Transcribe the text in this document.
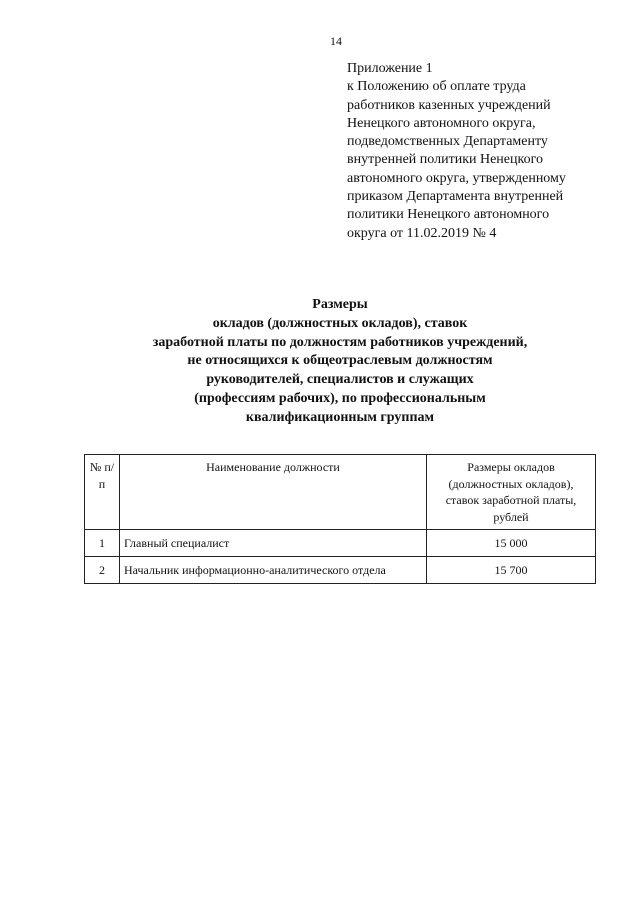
14
Приложение 1
к Положению об оплате труда
работников казенных учреждений
Ненецкого автономного округа,
подведомственных Департаменту
внутренней политики Ненецкого
автономного округа, утвержденному
приказом Департамента внутренней
политики Ненецкого автономного
округа от 11.02.2019 № 4
Размеры
окладов (должностных окладов), ставок
заработной платы по должностям работников учреждений,
не относящихся к общеотраслевым должностям
руководителей, специалистов и служащих
(профессиям рабочих), по профессиональным
квалификационным группам
№ п/п	Наименование должности	Размеры окладов (должностных окладов), ставок заработной платы, рублей
1	Главный специалист	15 000
2	Начальник информационно-аналитического отдела	15 700
